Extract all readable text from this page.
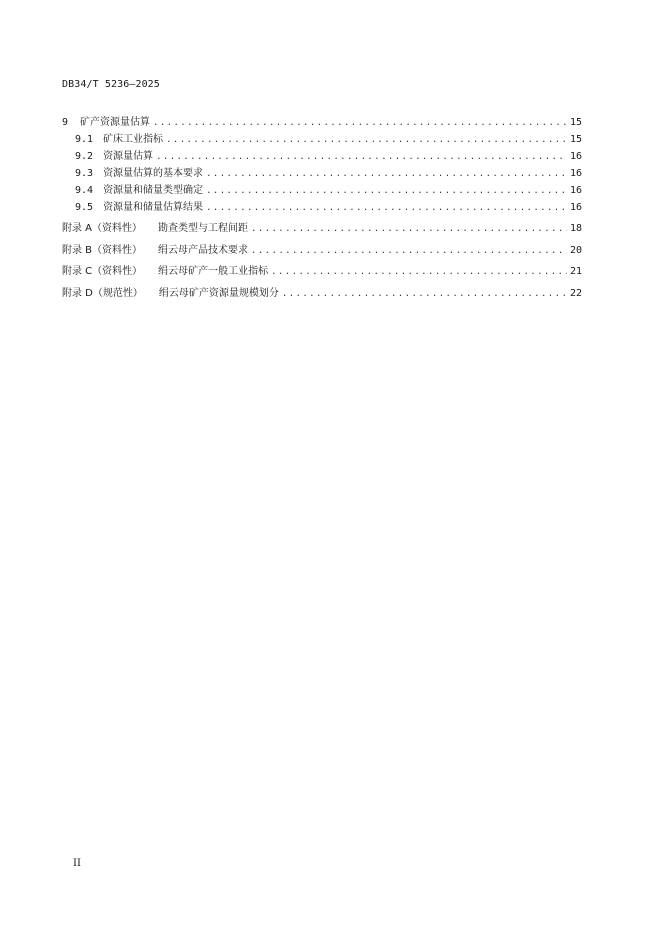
DB34/T 5236—2025
9 矿产资源量估算 .....	15
9.1 矿床工业指标 .....	15
9.2 资源量估算 .....	16
9.3 资源量估算的基本要求 .....	16
9.4 资源量和储量类型确定 .....	16
9.5 资源量和储量估算结果 .....	16
附录 A（资料性） 勘查类型与工程间距 .....	18
附录 B（资料性） 绢云母产品技术要求 .....	20
附录 C（资料性） 绢云母矿产一般工业指标 .....	21
附录 D（规范性） 绢云母矿产资源量规模划分 .....	22
II
